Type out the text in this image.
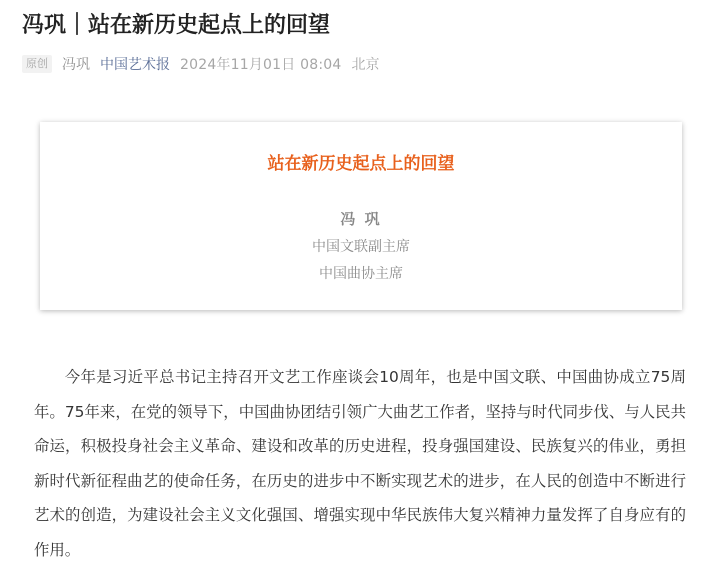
冯巩｜站在新历史起点上的回望
原创 冯巩 中国艺术报 2024年11月01日 08:04 北京
站在新历史起点上的回望
冯 巩
中国文联副主席
中国曲协主席

今年是习近平总书记主持召开文艺工作座谈会10周年，也是中国文联、中国曲协成立75周年。75年来，在党的领导下，中国曲协团结引领广大曲艺工作者，坚持与时代同步伐、与人民共命运，积极投身社会主义革命、建设和改革的历史进程，投身强国建设、民族复兴的伟业，勇担新时代新征程曲艺的使命任务，在历史的进步中不断实现艺术的进步，在人民的创造中不断进行艺术的创造，为建设社会主义文化强国、增强实现中华民族伟大复兴精神力量发挥了自身应有的作用。
